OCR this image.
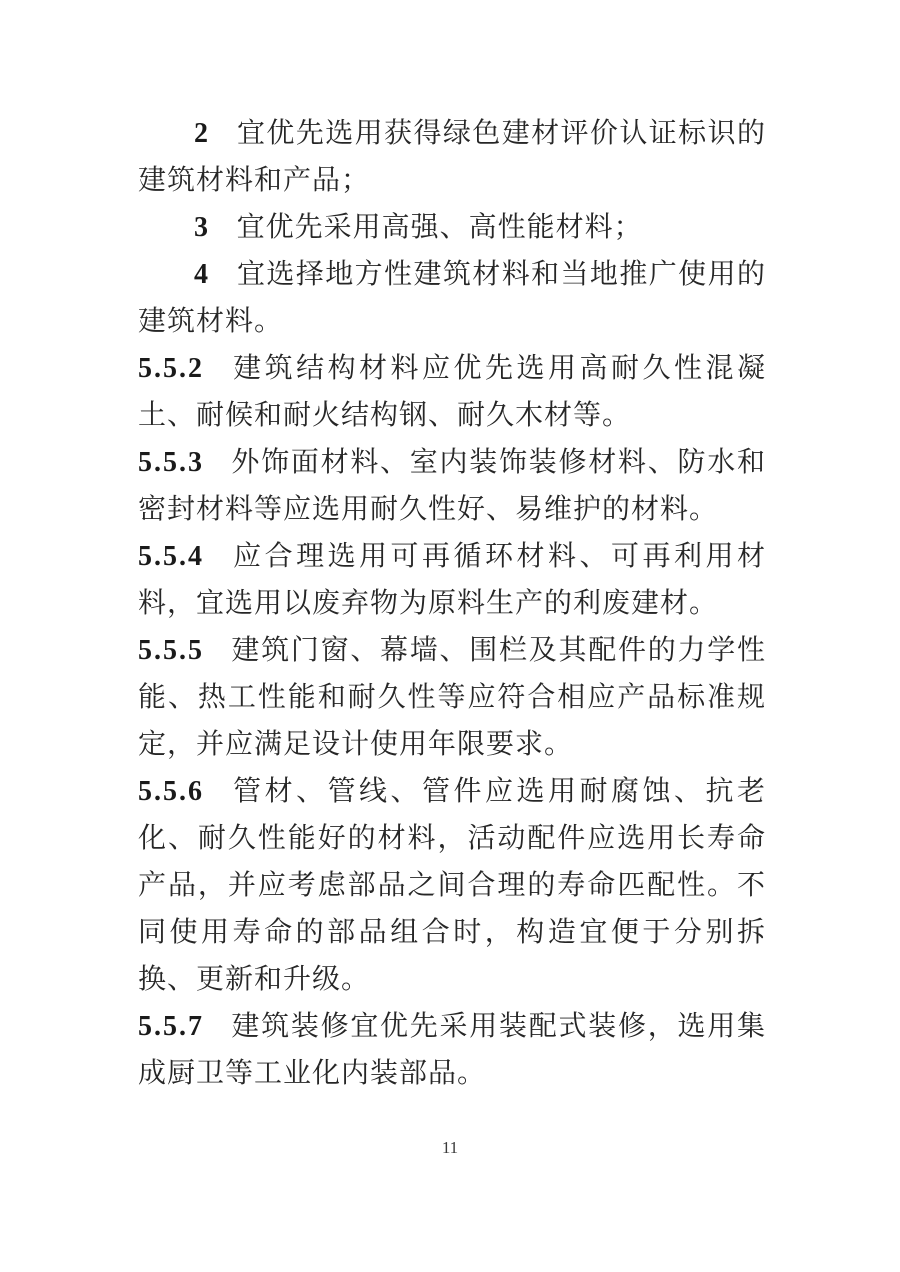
2 宜优先选用获得绿色建材评价认证标识的建筑材料和产品；

3 宜优先采用高强、高性能材料；

4 宜选择地方性建筑材料和当地推广使用的建筑材料。

5.5.2 建筑结构材料应优先选用高耐久性混凝土、耐候和耐火结构钢、耐久木材等。

5.5.3 外饰面材料、室内装饰装修材料、防水和密封材料等应选用耐久性好、易维护的材料。

5.5.4 应合理选用可再循环材料、可再利用材料，宜选用以废弃物为原料生产的利废建材。

5.5.5 建筑门窗、幕墙、围栏及其配件的力学性能、热工性能和耐久性等应符合相应产品标准规定，并应满足设计使用年限要求。

5.5.6 管材、管线、管件应选用耐腐蚀、抗老化、耐久性能好的材料，活动配件应选用长寿命产品，并应考虑部品之间合理的寿命匹配性。不同使用寿命的部品组合时，构造宜便于分别拆换、更新和升级。

5.5.7 建筑装修宜优先采用装配式装修，选用集成厨卫等工业化内装部品。

11
